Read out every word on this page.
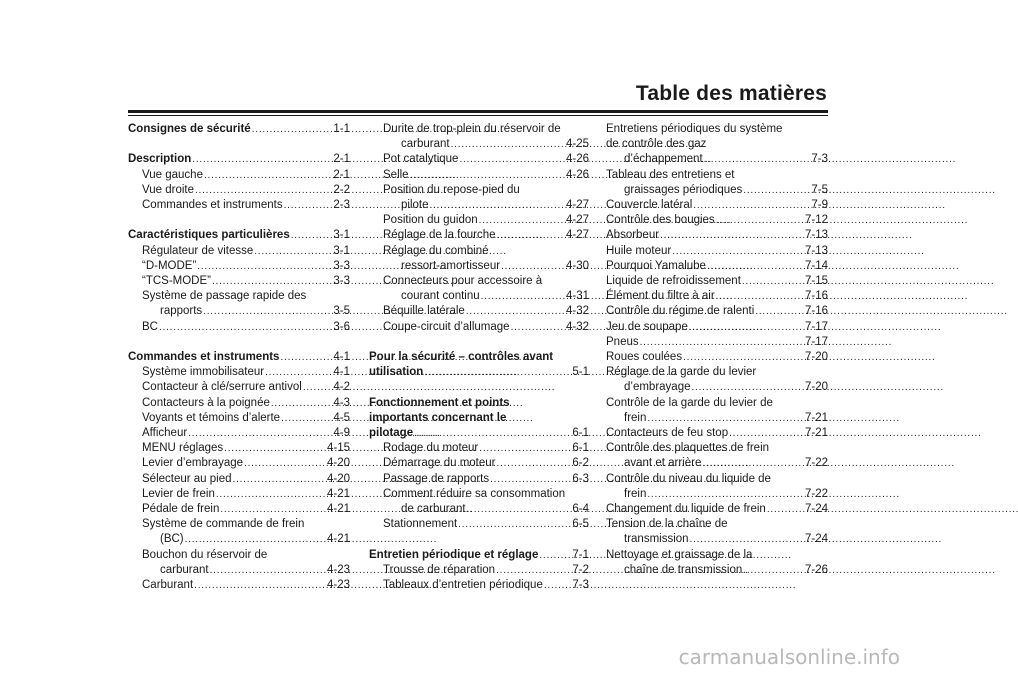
Table des matières
Consignes de sécurité . . .	1-1
Description . . .	2-1
Vue gauche . . .	2-1
Vue droite . . .	2-2
Commandes et instruments . . .	2-3
Caractéristiques particulières . . .	3-1
Régulateur de vitesse . . .	3-1
“D-MODE” . . .	3-3
“TCS-MODE” . . .	3-3
Système de passage rapide des
rapports . . .	3-5
BC . . .	3-6
Commandes et instruments . . .	4-1
Système immobilisateur . . .	4-1
Contacteur à clé/serrure antivol . . .	4-2
Contacteurs à la poignée . . .	4-3
Voyants et témoins d’alerte . . .	4-5
Afficheur . . .	4-9
MENU réglages . . .	4-15
Levier d’embrayage . . .	4-20
Sélecteur au pied . . .	4-20
Levier de frein . . .	4-21
Pédale de frein . . .	4-21
Système de commande de frein
(BC) . . .	4-21
Bouchon du réservoir de
carburant . . .	4-23
Carburant . . .	4-23
Durite de trop-plein du réservoir de
carburant . . .	4-25
Pot catalytique . . .	4-26
Selle . . .	4-26
Position du repose-pied du
pilote . . .	4-27
Position du guidon . . .	4-27
Réglage de la fourche . . .	4-27
Réglage du combiné
ressort-amortisseur . . .	4-30
Connecteurs pour accessoire à
courant continu . . .	4-31
Béquille latérale . . .	4-32
Coupe-circuit d’allumage . . .	4-32
Pour la sécurité – contrôles avant
utilisation . . .	5-1
Fonctionnement et points
importants concernant le
pilotage . . .	6-1
Rodage du moteur . . .	6-1
Démarrage du moteur . . .	6-2
Passage de rapports . . .	6-3
Comment réduire sa consommation
de carburant . . .	6-4
Stationnement . . .	6-5
Entretien périodique et réglage . . .	7-1
Trousse de réparation . . .	7-2
Tableaux d’entretien périodique . . .	7-3
Entretiens périodiques du système
de contrôle des gaz
d’échappement . . .	7-3
Tableau des entretiens et
graissages périodiques . . .	7-5
Couvercle latéral . . .	7-9
Contrôle des bougies . . .	7-12
Absorbeur . . .	7-13
Huile moteur . . .	7-13
Pourquoi Yamalube . . .	7-14
Liquide de refroidissement . . .	7-15
Élément du filtre à air . . .	7-16
Contrôle du régime de ralenti . . .	7-16
Jeu de soupape . . .	7-17
Pneus . . .	7-17
Roues coulées . . .	7-20
Réglage de la garde du levier
d’embrayage . . .	7-20
Contrôle de la garde du levier de
frein . . .	7-21
Contacteurs de feu stop . . .	7-21
Contrôle des plaquettes de frein
avant et arrière . . .	7-22
Contrôle du niveau du liquide de
frein . . .	7-22
Changement du liquide de frein . . .	7-24
Tension de la chaîne de
transmission . . .	7-24
Nettoyage et graissage de la
chaîne de transmission . . .	7-26
carmanualsonline.info
